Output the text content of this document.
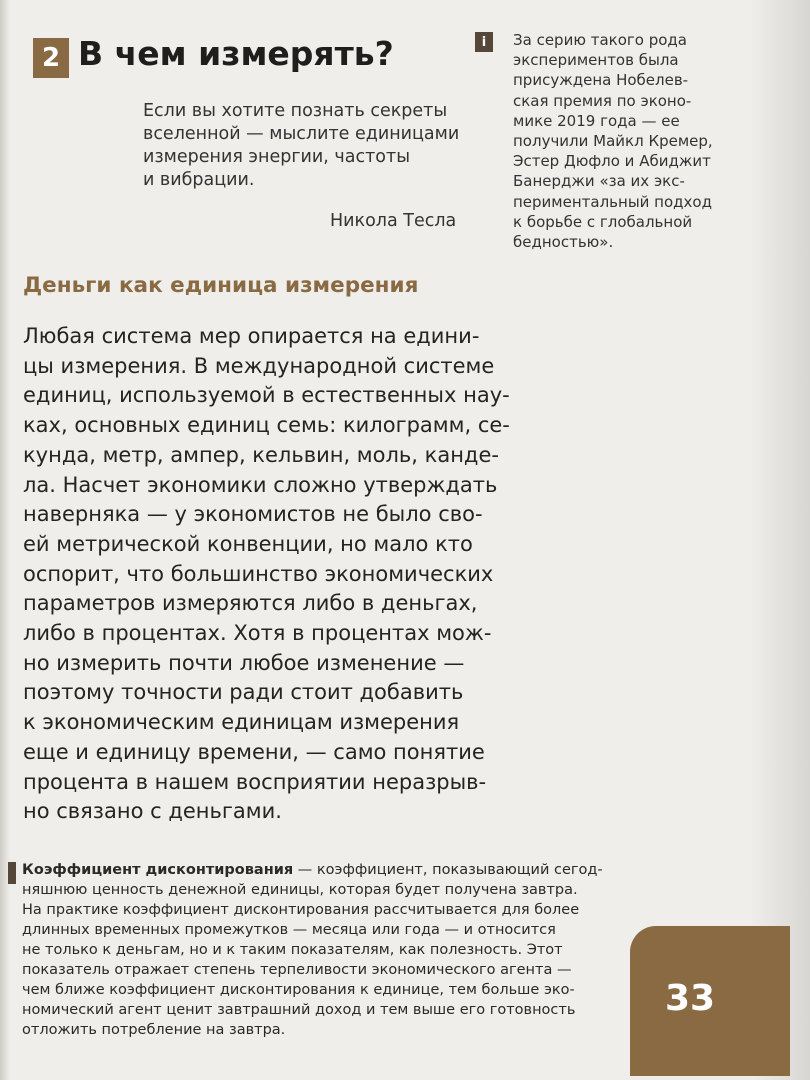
2 В чем измерять?
Если вы хотите познать секреты
вселенной — мыслите единицами
измерения энергии, частоты
и вибрации.
Никола Тесла
i	За серию такого рода
экспериментов была
присуждена Нобелев-
ская премия по эконо-
мике 2019 года — ее
получили Майкл Кремер,
Эстер Дюфло и Абиджит
Банерджи «за их экс-
периментальный подход
к борьбе с глобальной
бедностью».
Деньги как единица измерения
Любая система мер опирается на едини-
цы измерения. В международной системе
единиц, используемой в естественных нау-
ках, основных единиц семь: килограмм, се-
кунда, метр, ампер, кельвин, моль, канде-
ла. Насчет экономики сложно утверждать
наверняка — у экономистов не было сво-
ей метрической конвенции, но мало кто
оспорит, что большинство экономических
параметров измеряются либо в деньгах,
либо в процентах. Хотя в процентах мож-
но измерить почти любое изменение —
поэтому точности ради стоит добавить
к экономическим единицам измерения
еще и единицу времени, — само понятие
процента в нашем восприятии неразрыв-
но связано с деньгами.
Коэффициент дисконтирования — коэффициент, показывающий сегод-
няшнюю ценность денежной единицы, которая будет получена завтра.
На практике коэффициент дисконтирования рассчитывается для более
длинных временных промежутков — месяца или года — и относится
не только к деньгам, но и к таким показателям, как полезность. Этот
показатель отражает степень терпеливости экономического агента —
чем ближе коэффициент дисконтирования к единице, тем больше эко-
номический агент ценит завтрашний доход и тем выше его готовность
отложить потребление на завтра.
33
